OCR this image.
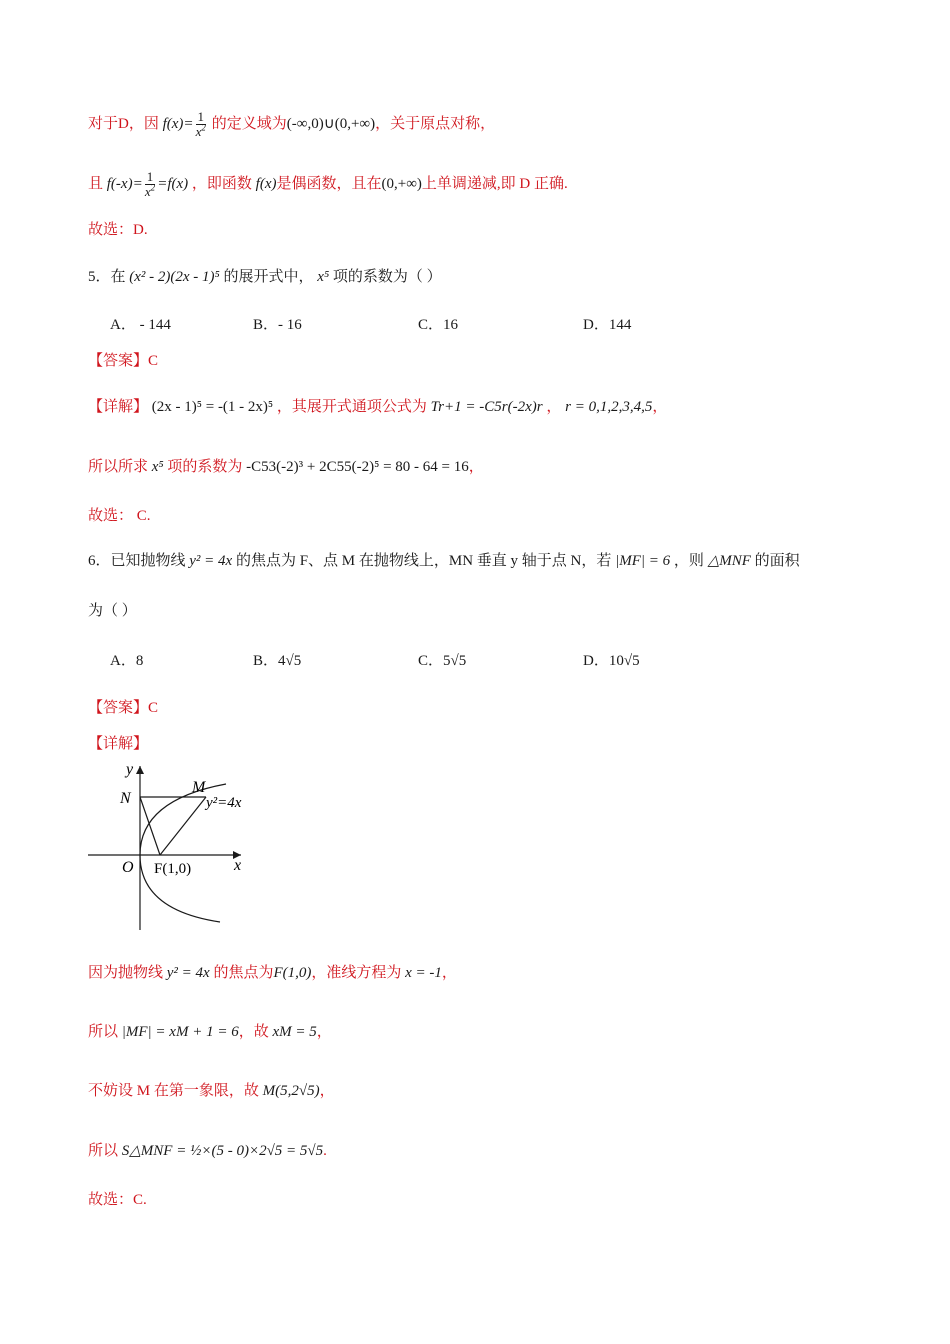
对于D，因 $f(x)= \frac{1}{x^2}$ 的定义域为(-∞,0)∪(0,+∞)，关于原点对称，
且 $f(-x)= \frac{1}{x^2} =f(x)$ ，即函数 f(x)是偶函数，且在(0,+∞)上单调递减,即 D 正确.
故选：D.
5．在 (x² - 2)(2x - 1)⁵ 的展开式中， x⁵ 项的系数为（ ）
A． - 144	B．- 16	C．16	D．144
【答案】C
【详解】 (2x - 1)⁵ = -(1 - 2x)⁵ ，其展开式通项公式为 Tr+1 = -C5r(-2x)r ， r = 0,1,2,3,4,5，
所以所求 x⁵ 项的系数为 -C53(-2)³ + 2C55(-2)⁵ = 80 - 64 = 16，
故选： C.
6．已知抛物线 y² = 4x 的焦点为 F、点 M 在抛物线上，MN 垂直 y 轴于点 N，若 |MF| = 6 ，则 △MNF 的面积
为（ ）
A．8	B．4√5	C．5√5	D．10√5
【答案】C
【详解】
y
x
N
M
O F(1,0)
y²=4x
因为抛物线 y² = 4x 的焦点为F(1,0)，准线方程为 x = -1，
所以 |MF| = xM + 1 = 6，故 xM = 5，
不妨设 M 在第一象限，故 M(5,2√5)，
所以 S△MNF = ½×(5 - 0)×2√5 = 5√5.
故选：C.
